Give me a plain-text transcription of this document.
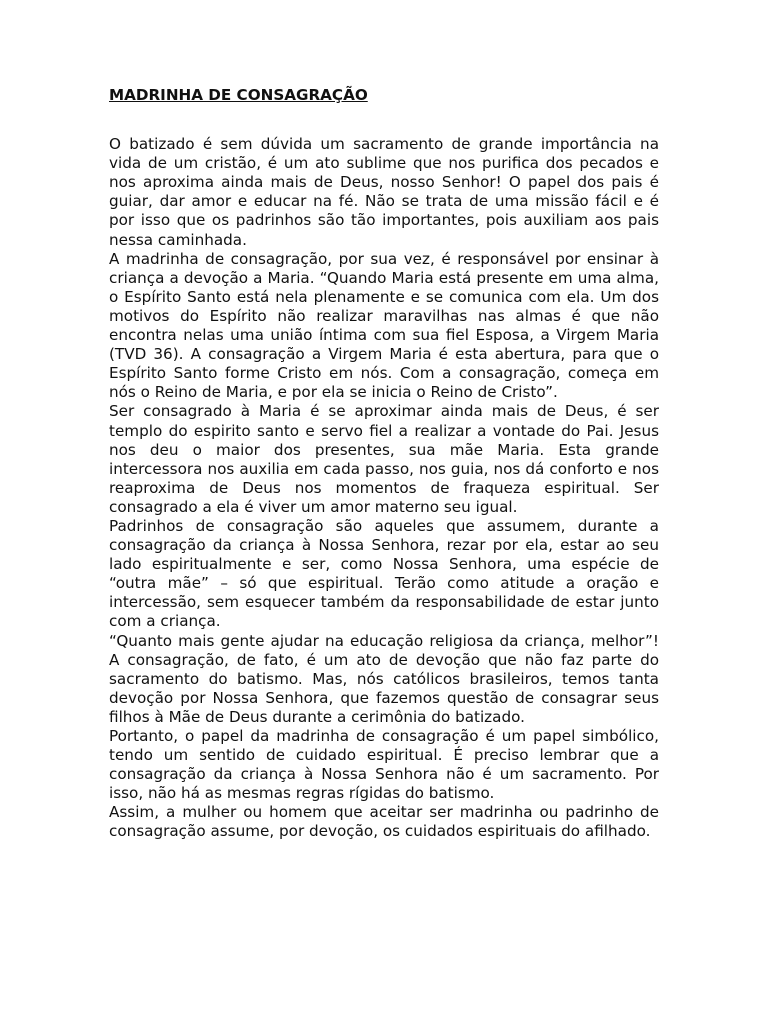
MADRINHA DE CONSAGRAÇÃO

O batizado é sem dúvida um sacramento de grande importância na vida de um cristão, é um ato sublime que nos purifica dos pecados e nos aproxima ainda mais de Deus, nosso Senhor! O papel dos pais é guiar, dar amor e educar na fé. Não se trata de uma missão fácil e é por isso que os padrinhos são tão importantes, pois auxiliam aos pais nessa caminhada.

A madrinha de consagração, por sua vez, é responsável por ensinar à criança a devoção a Maria. “Quando Maria está presente em uma alma, o Espírito Santo está nela plenamente e se comunica com ela. Um dos motivos do Espírito não realizar maravilhas nas almas é que não encontra nelas uma união íntima com sua fiel Esposa, a Virgem Maria (TVD 36). A consagração a Virgem Maria é esta abertura, para que o Espírito Santo forme Cristo em nós. Com a consagração, começa em nós o Reino de Maria, e por ela se inicia o Reino de Cristo”.

Ser consagrado à Maria é se aproximar ainda mais de Deus, é ser templo do espirito santo e servo fiel a realizar a vontade do Pai. Jesus nos deu o maior dos presentes, sua mãe Maria. Esta grande intercessora nos auxilia em cada passo, nos guia, nos dá conforto e nos reaproxima de Deus nos momentos de fraqueza espiritual. Ser consagrado a ela é viver um amor materno seu igual.

Padrinhos de consagração são aqueles que assumem, durante a consagração da criança à Nossa Senhora, rezar por ela, estar ao seu lado espiritualmente e ser, como Nossa Senhora, uma espécie de “outra mãe” – só que espiritual. Terão como atitude a oração e intercessão, sem esquecer também da responsabilidade de estar junto com a criança.

“Quanto mais gente ajudar na educação religiosa da criança, melhor”! A consagração, de fato, é um ato de devoção que não faz parte do sacramento do batismo. Mas, nós católicos brasileiros, temos tanta devoção por Nossa Senhora, que fazemos questão de consagrar seus filhos à Mãe de Deus durante a cerimônia do batizado.

Portanto, o papel da madrinha de consagração é um papel simbólico, tendo um sentido de cuidado espiritual. É preciso lembrar que a consagração da criança à Nossa Senhora não é um sacramento. Por isso, não há as mesmas regras rígidas do batismo.

Assim, a mulher ou homem que aceitar ser madrinha ou padrinho de consagração assume, por devoção, os cuidados espirituais do afilhado.
